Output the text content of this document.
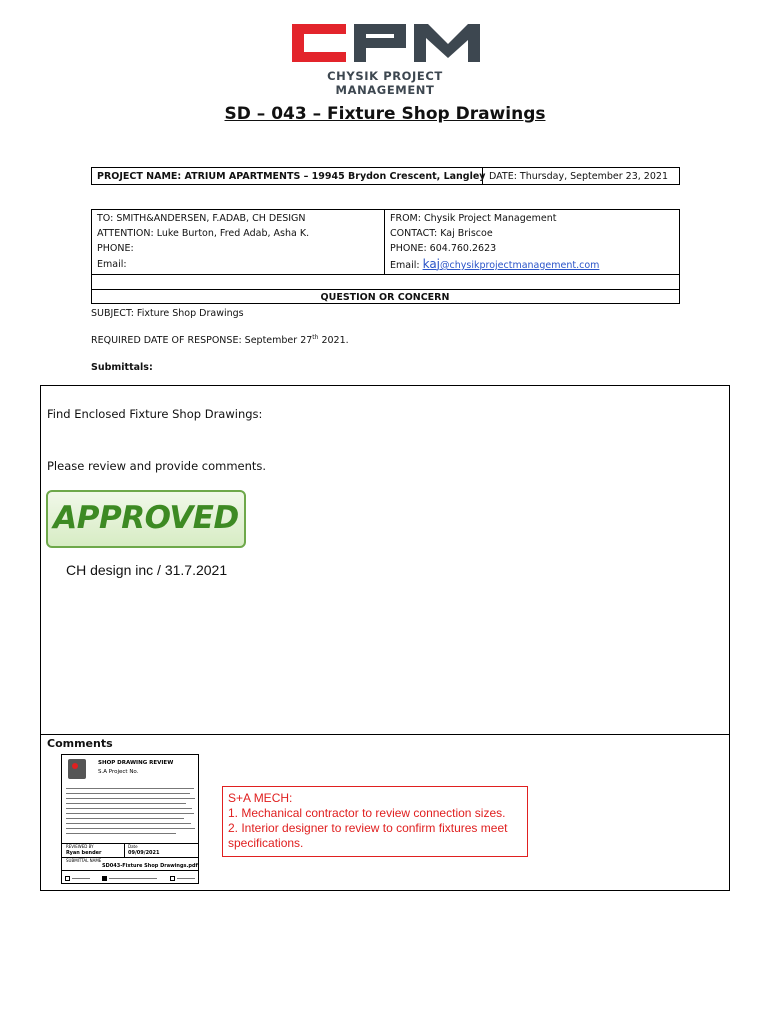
CHYSIK PROJECT MANAGEMENT
SD – 043 – Fixture Shop Drawings
PROJECT NAME: ATRIUM APARTMENTS – 19945 Brydon Crescent, Langley DATE: Thursday, September 23, 2021
TO: SMITH&ANDERSEN, F.ADAB, CH DESIGN
ATTENTION: Luke Burton, Fred Adab, Asha K.
PHONE:
Email:
FROM: Chysik Project Management
CONTACT: Kaj Briscoe
PHONE: 604.760.2623
Email: kaj@chysikprojectmanagement.com
QUESTION OR CONCERN
SUBJECT: Fixture Shop Drawings
REQUIRED DATE OF RESPONSE: September 27th 2021.
Submittals:
Find Enclosed Fixture Shop Drawings:
Please review and provide comments.
APPROVED
CH design inc / 31.7.2021
Comments
SHOP DRAWING REVIEW
S.A Project No.
REVIEWED BY
Ryan bender
Date
09/09/2021
SUBMITTAL NAME
SD043-Fixture Shop Drawings.pdf
S+A MECH:
1. Mechanical contractor to review connection sizes.
2. Interior designer to review to confirm fixtures meet specifications.
